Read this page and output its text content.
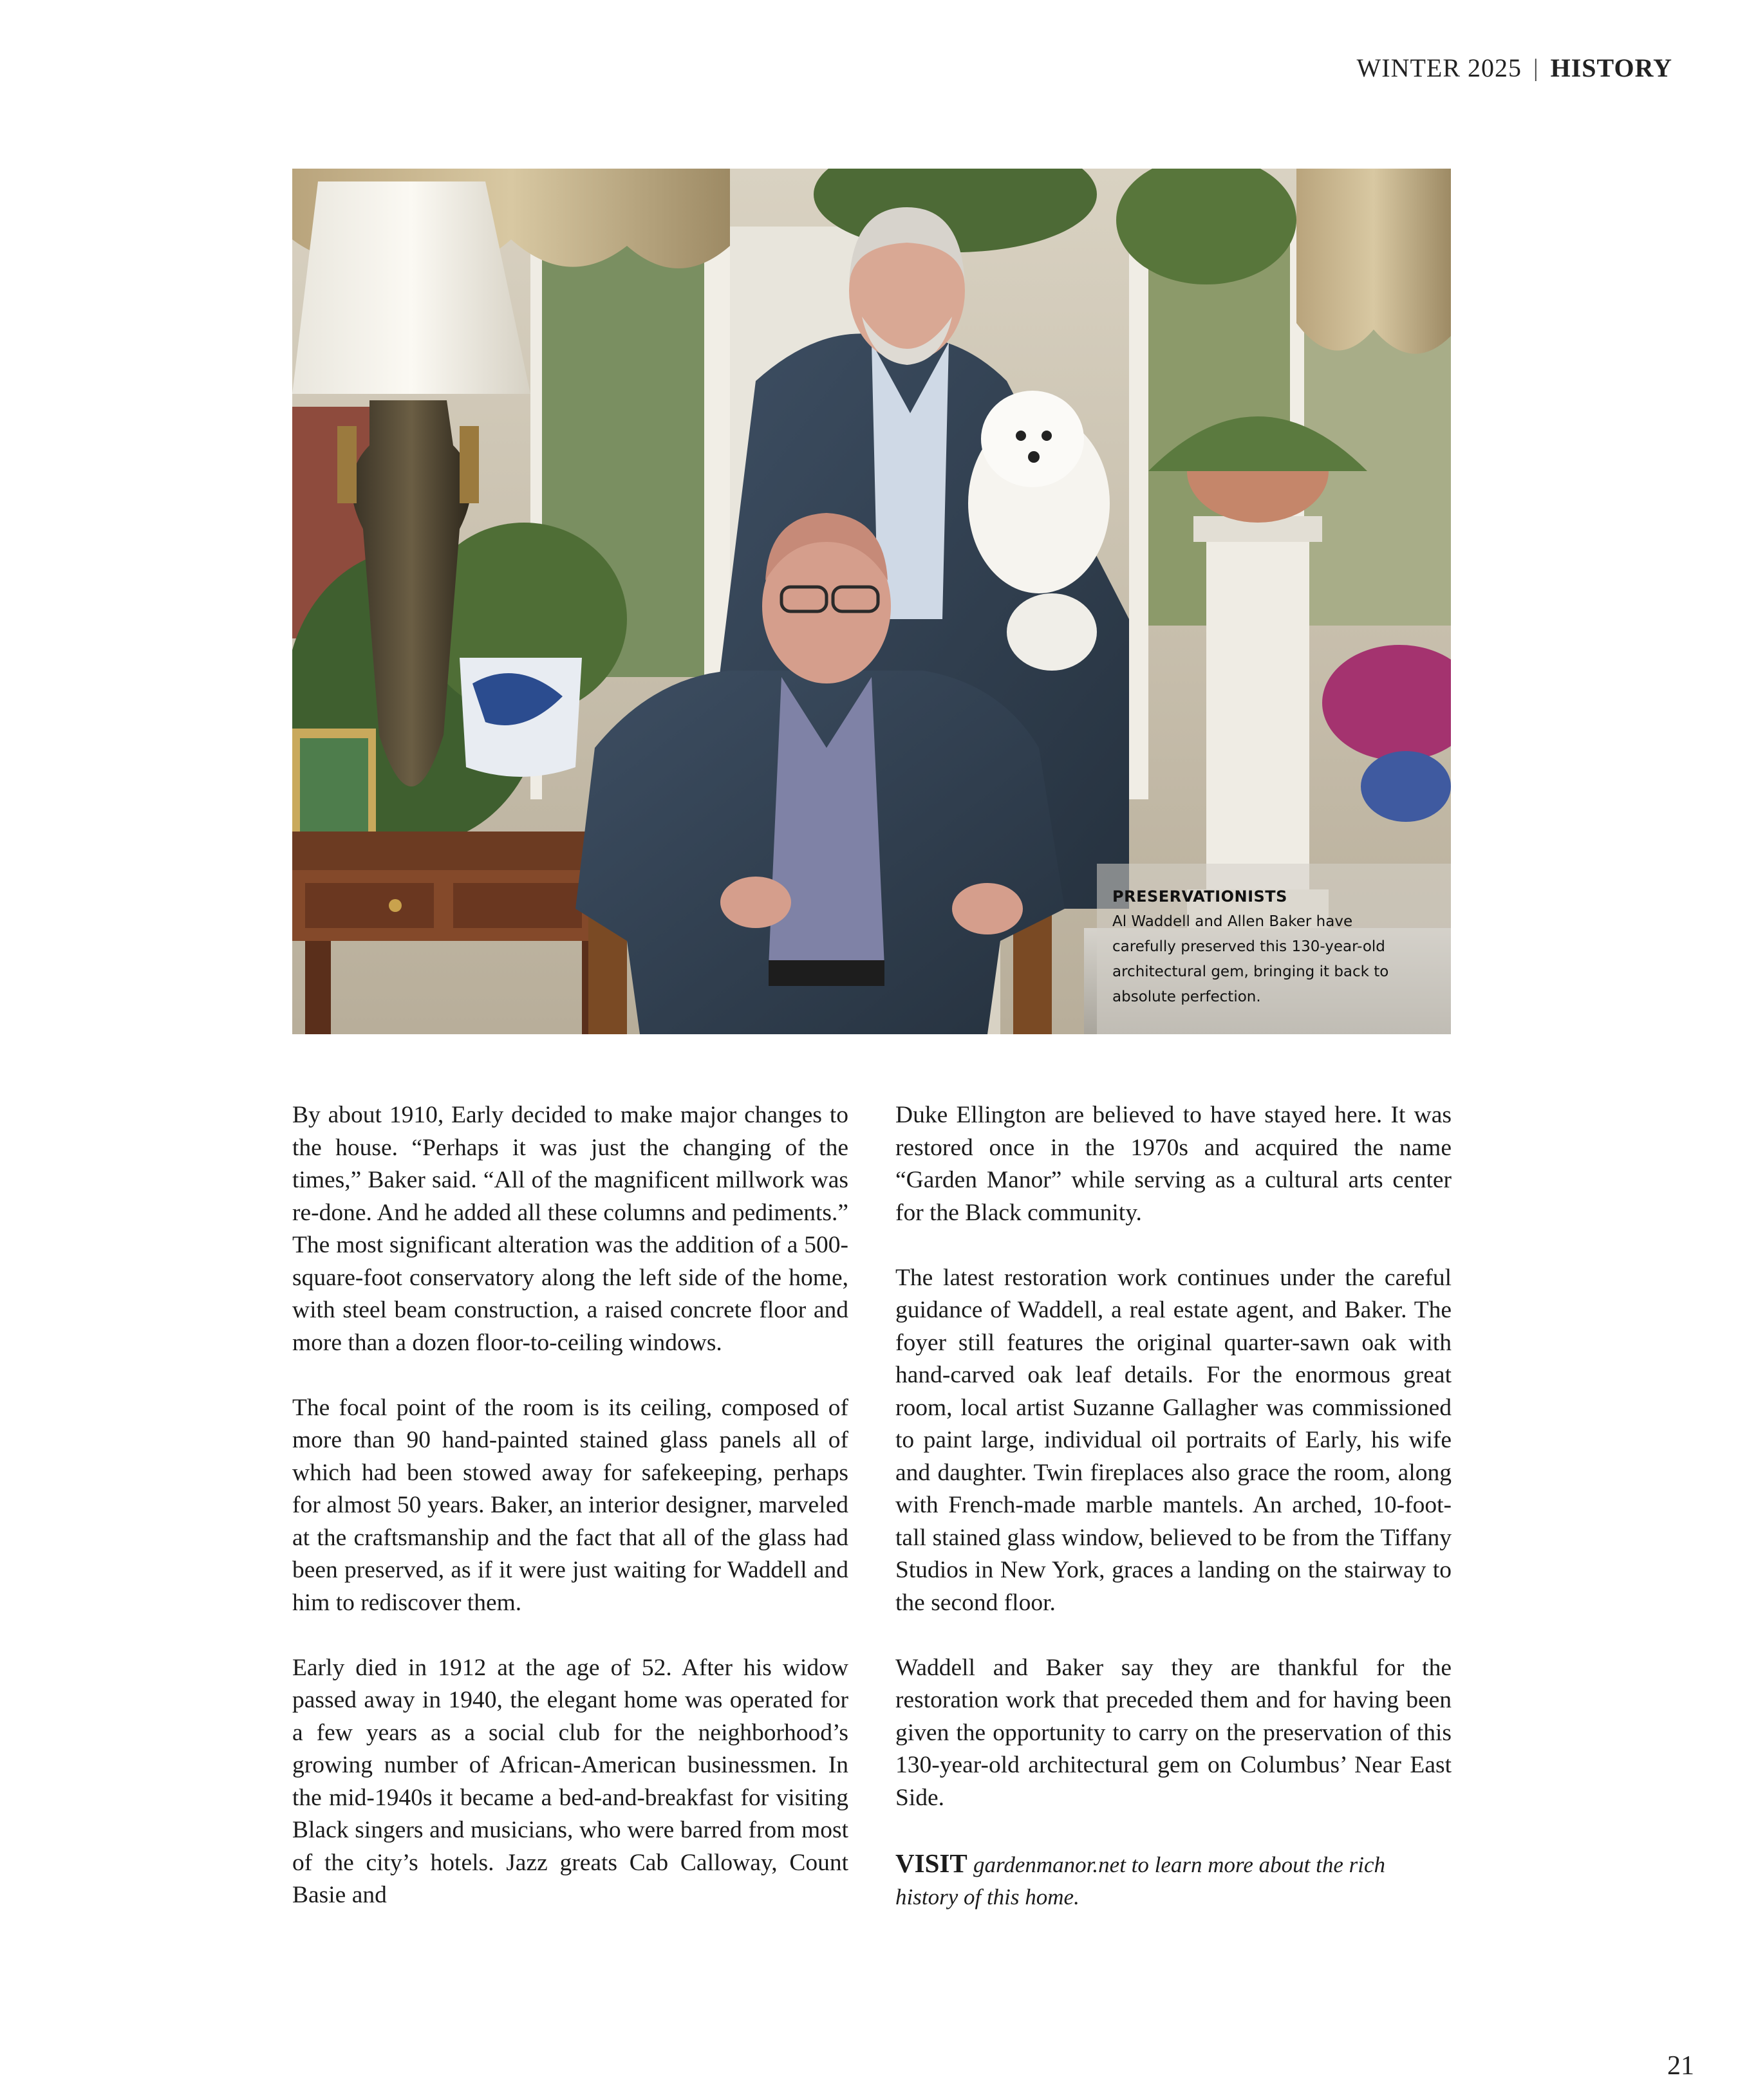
WINTER 2025 | HISTORY
PRESERVATIONISTS
Al Waddell and Allen Baker have carefully preserved this 130-year-old architectural gem, bringing it back to absolute perfection.

By about 1910, Early decided to make major changes to the house. “Perhaps it was just the changing of the times,” Baker said. “All of the magnificent millwork was re-done. And he added all these columns and pediments.” The most significant alteration was the addition of a 500-square-foot conservatory along the left side of the home, with steel beam construction, a raised concrete floor and more than a dozen floor-to-ceiling windows.

The focal point of the room is its ceiling, composed of more than 90 hand-painted stained glass panels all of which had been stowed away for safekeeping, perhaps for almost 50 years. Baker, an interior designer, marveled at the craftsmanship and the fact that all of the glass had been preserved, as if it were just waiting for Waddell and him to rediscover them.

Early died in 1912 at the age of 52. After his widow passed away in 1940, the elegant home was operated for a few years as a social club for the neighborhood’s growing number of African-American businessmen. In the mid-1940s it became a bed-and-breakfast for visiting Black singers and musicians, who were barred from most of the city’s hotels. Jazz greats Cab Calloway, Count Basie and

Duke Ellington are believed to have stayed here. It was restored once in the 1970s and acquired the name “Garden Manor” while serving as a cultural arts center for the Black community.

The latest restoration work continues under the careful guidance of Waddell, a real estate agent, and Baker. The foyer still features the original quarter-sawn oak with hand-carved oak leaf details. For the enormous great room, local artist Suzanne Gallagher was commissioned to paint large, individual oil portraits of Early, his wife and daughter. Twin fireplaces also grace the room, along with French-made marble mantels. An arched, 10-foot-tall stained glass window, believed to be from the Tiffany Studios in New York, graces a landing on the stairway to the second floor.

Waddell and Baker say they are thankful for the restoration work that preceded them and for having been given the opportunity to carry on the preservation of this 130-year-old architectural gem on Columbus’ Near East Side.

VISIT gardenmanor.net to learn more about the rich history of this home.
21
